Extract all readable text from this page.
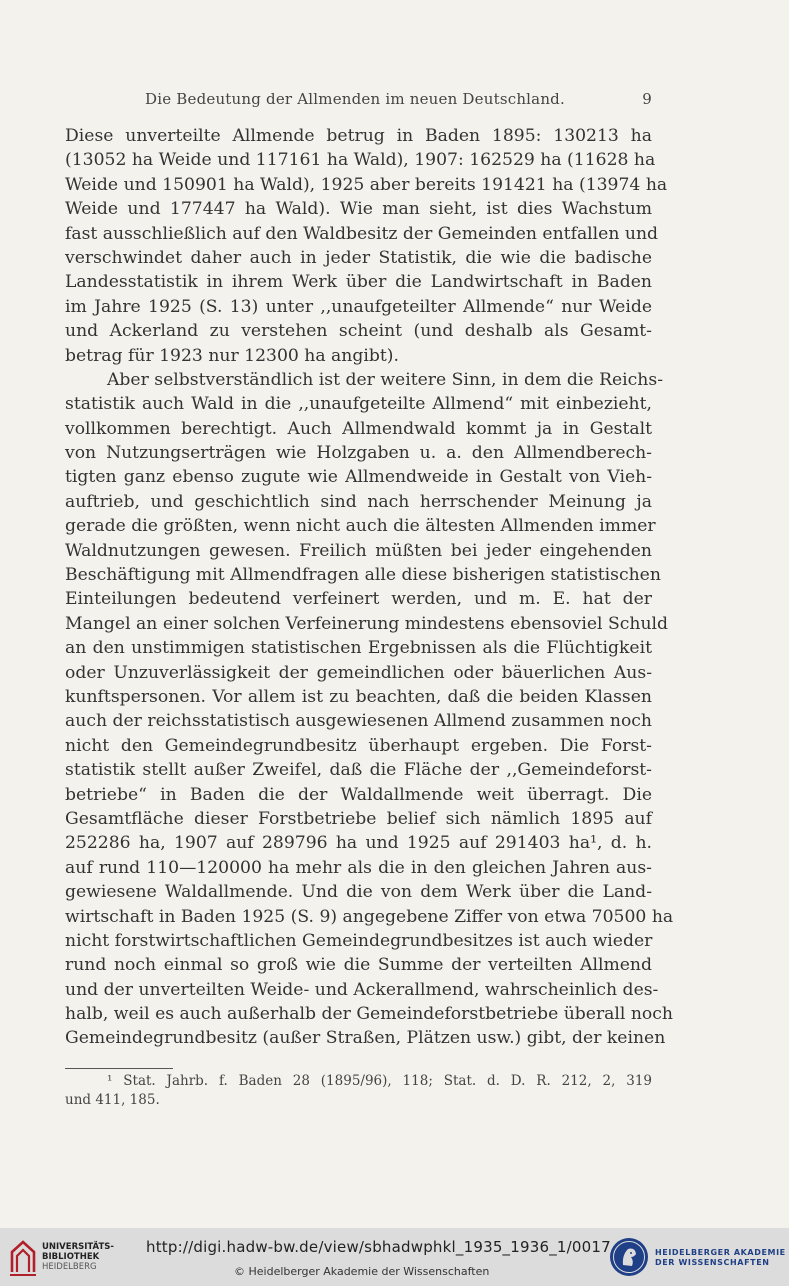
Die Bedeutung der Allmenden im neuen Deutschland.	9
Diese unverteilte Allmende betrug in Baden 1895: 130213 ha
(13052 ha Weide und 117161 ha Wald), 1907: 162529 ha (11628 ha
Weide und 150901 ha Wald), 1925 aber bereits 191421 ha (13974 ha
Weide und 177447 ha Wald). Wie man sieht, ist dies Wachstum
fast ausschließlich auf den Waldbesitz der Gemeinden entfallen und
verschwindet daher auch in jeder Statistik, die wie die badische
Landesstatistik in ihrem Werk über die Landwirtschaft in Baden
im Jahre 1925 (S. 13) unter ,,unaufgeteilter Allmende“ nur Weide
und Ackerland zu verstehen scheint (und deshalb als Gesamt-
betrag für 1923 nur 12300 ha angibt).
Aber selbstverständlich ist der weitere Sinn, in dem die Reichs-
statistik auch Wald in die ,,unaufgeteilte Allmend“ mit einbezieht,
vollkommen berechtigt. Auch Allmendwald kommt ja in Gestalt
von Nutzungserträgen wie Holzgaben u. a. den Allmendberech-
tigten ganz ebenso zugute wie Allmendweide in Gestalt von Vieh-
auftrieb, und geschichtlich sind nach herrschender Meinung ja
gerade die größten, wenn nicht auch die ältesten Allmenden immer
Waldnutzungen gewesen. Freilich müßten bei jeder eingehenden
Beschäftigung mit Allmendfragen alle diese bisherigen statistischen
Einteilungen bedeutend verfeinert werden, und m. E. hat der
Mangel an einer solchen Verfeinerung mindestens ebensoviel Schuld
an den unstimmigen statistischen Ergebnissen als die Flüchtigkeit
oder Unzuverlässigkeit der gemeindlichen oder bäuerlichen Aus-
kunftspersonen. Vor allem ist zu beachten, daß die beiden Klassen
auch der reichsstatistisch ausgewiesenen Allmend zusammen noch
nicht den Gemeindegrundbesitz überhaupt ergeben. Die Forst-
statistik stellt außer Zweifel, daß die Fläche der ,,Gemeindeforst-
betriebe“ in Baden die der Waldallmende weit überragt. Die
Gesamtfläche dieser Forstbetriebe belief sich nämlich 1895 auf
252286 ha, 1907 auf 289796 ha und 1925 auf 291403 ha¹, d. h.
auf rund 110—120000 ha mehr als die in den gleichen Jahren aus-
gewiesene Waldallmende. Und die von dem Werk über die Land-
wirtschaft in Baden 1925 (S. 9) angegebene Ziffer von etwa 70500 ha
nicht forstwirtschaftlichen Gemeindegrundbesitzes ist auch wieder
rund noch einmal so groß wie die Summe der verteilten Allmend
und der unverteilten Weide- und Ackerallmend, wahrscheinlich des-
halb, weil es auch außerhalb der Gemeindeforstbetriebe überall noch
Gemeindegrundbesitz (außer Straßen, Plätzen usw.) gibt, der keinen
¹ Stat. Jahrb. f. Baden 28 (1895/96), 118; Stat. d. D. R. 212, 2, 319
und 411, 185.
UNIVERSITÄTS-
BIBLIOTHEK
HEIDELBERG
http://digi.hadw-bw.de/view/sbhadwphkl_1935_1936_1/0017
© Heidelberger Akademie der Wissenschaften
HEIDELBERGER AKADEMIE
DER WISSENSCHAFTEN
